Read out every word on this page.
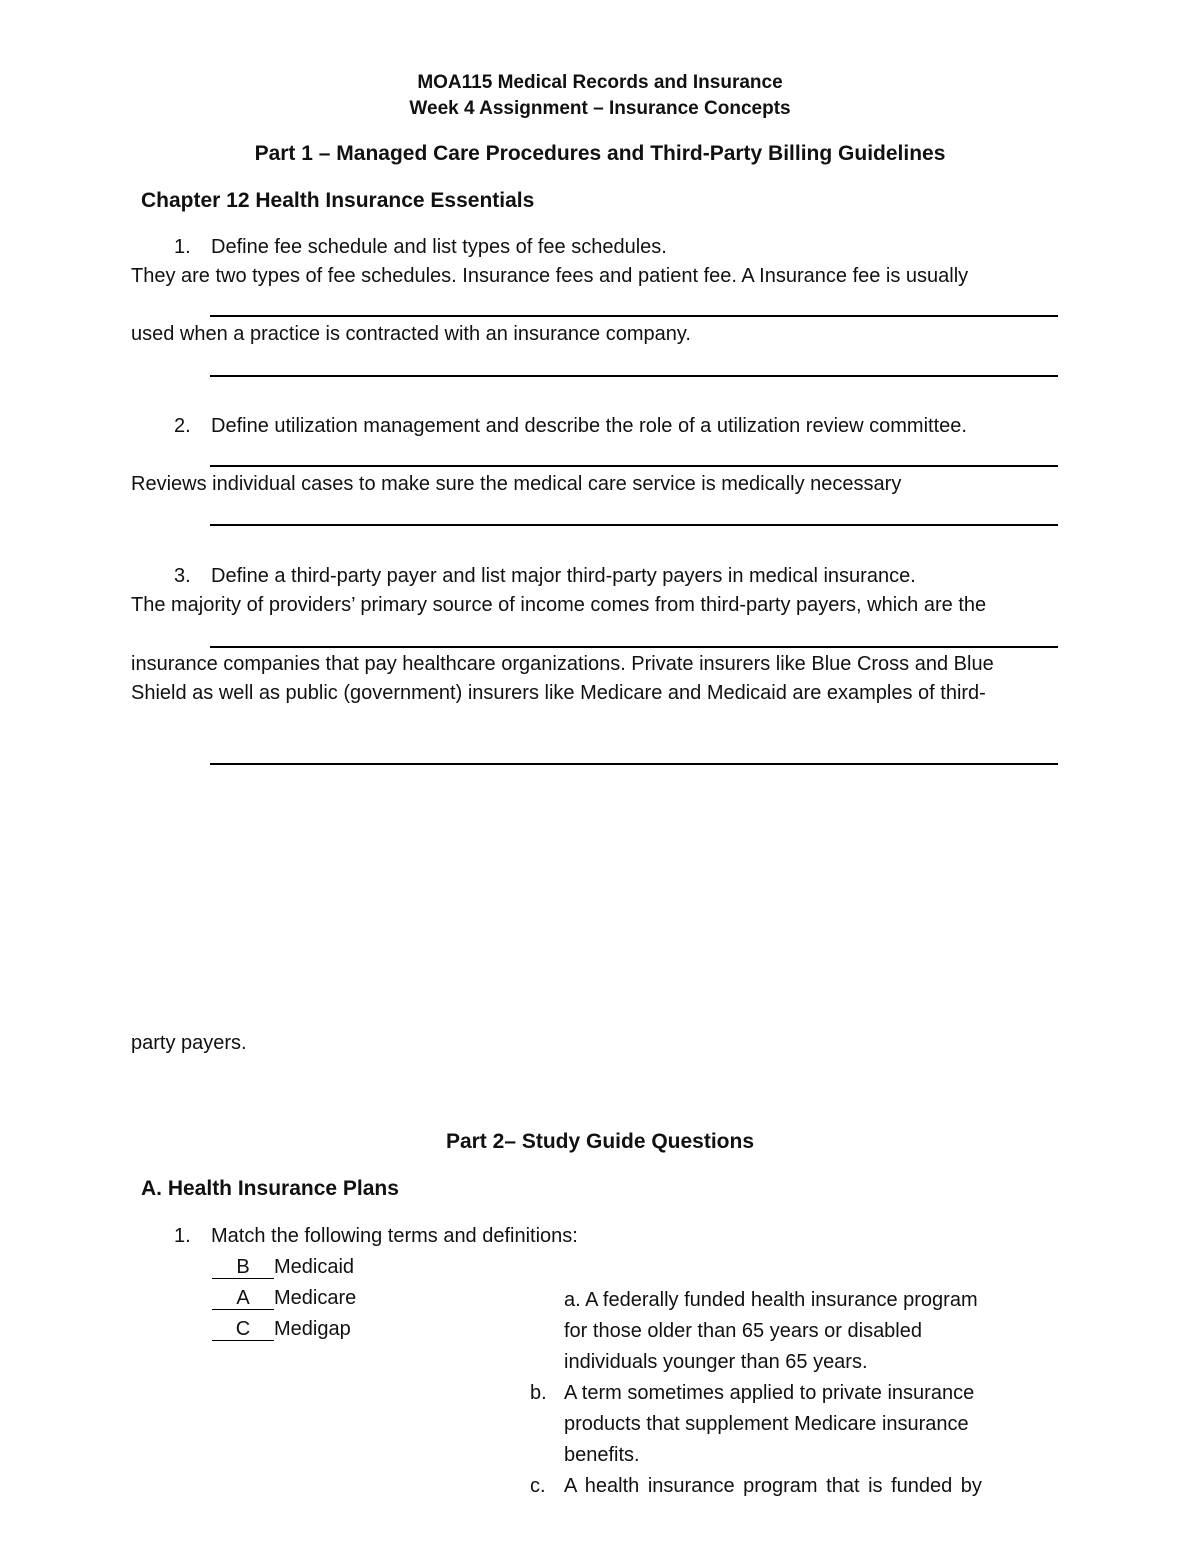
MOA115 Medical Records and Insurance
Week 4 Assignment – Insurance Concepts
Part 1 – Managed Care Procedures and Third-Party Billing Guidelines
Chapter 12 Health Insurance Essentials
1. Define fee schedule and list types of fee schedules.
They are two types of fee schedules. Insurance fees and patient fee. A Insurance fee is usually
used when a practice is contracted with an insurance company.
2. Define utilization management and describe the role of a utilization review committee.
Reviews individual cases to make sure the medical care service is medically necessary
3. Define a third-party payer and list major third-party payers in medical insurance.
The majority of providers’ primary source of income comes from third-party payers, which are the
insurance companies that pay healthcare organizations. Private insurers like Blue Cross and Blue
Shield as well as public (government) insurers like Medicare and Medicaid are examples of third-
party payers.
Part 2– Study Guide Questions
A. Health Insurance Plans
1. Match the following terms and definitions:
B Medicaid
A Medicare
C Medigap
a. A federally funded health insurance program
for those older than 65 years or disabled
individuals younger than 65 years.
b. A term sometimes applied to private insurance
products that supplement Medicare insurance
benefits.
c. A health insurance program that is funded by
